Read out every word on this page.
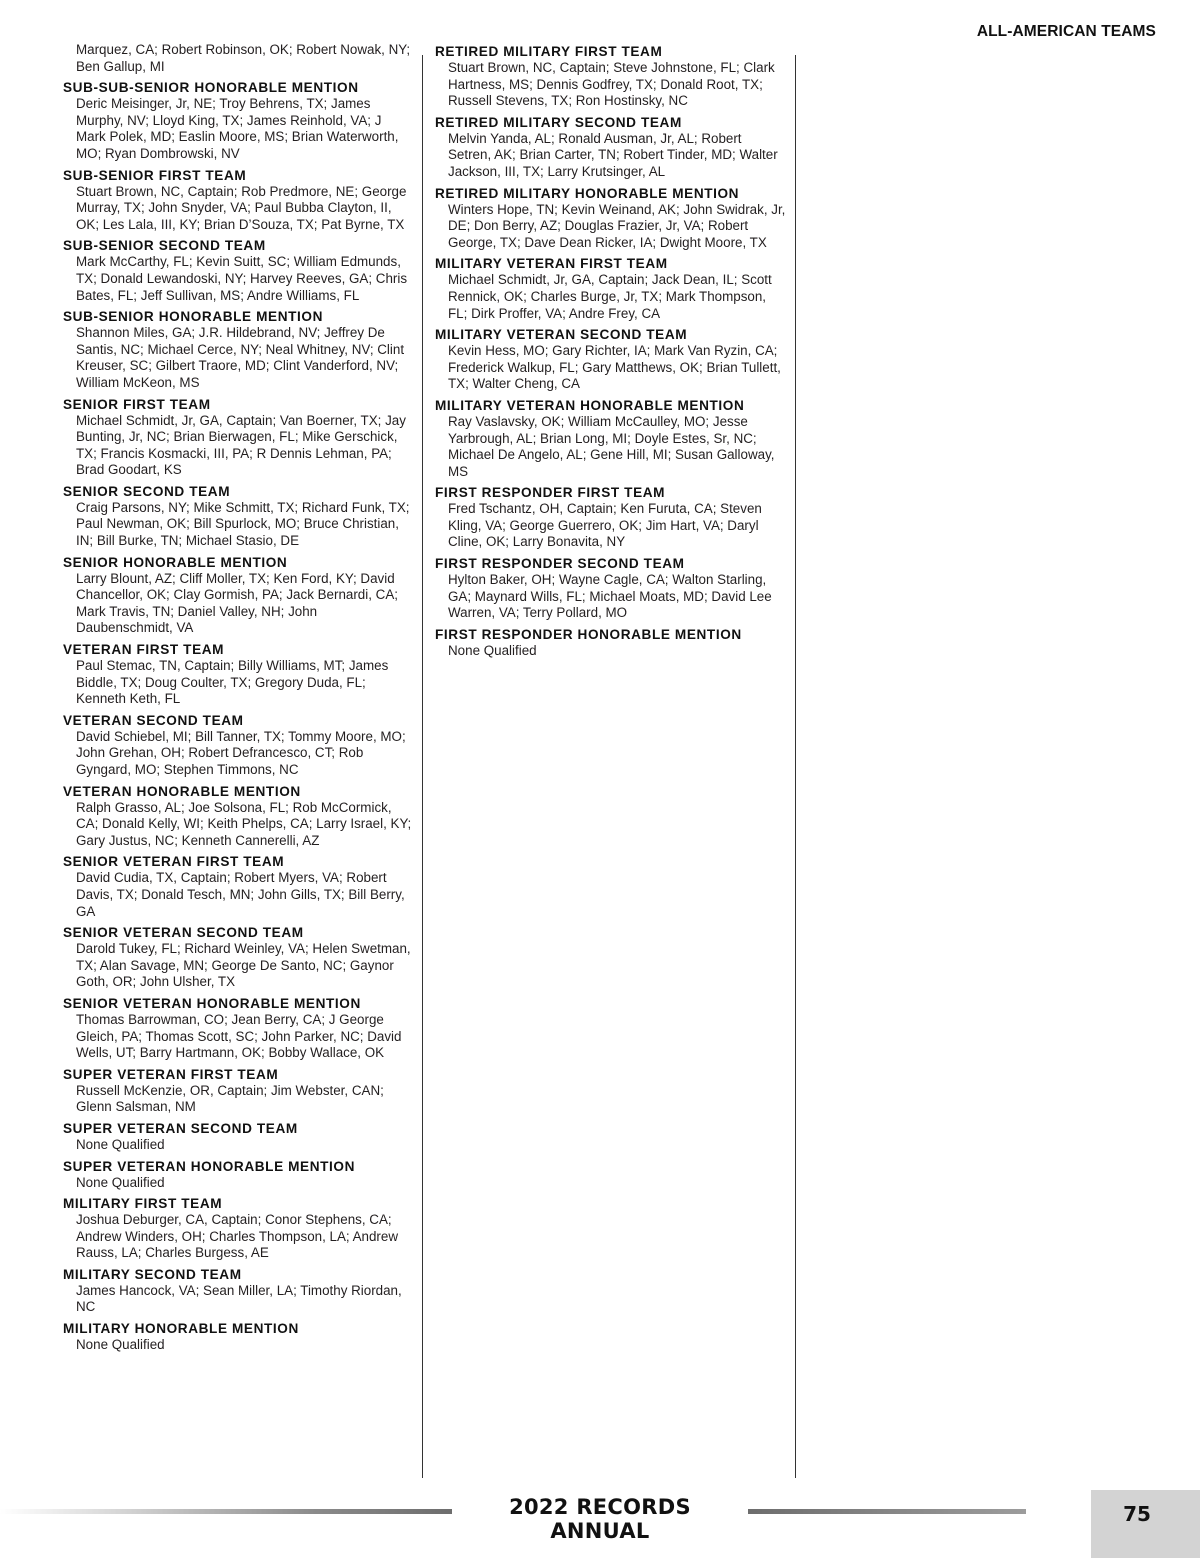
ALL-AMERICAN TEAMS
Marquez, CA; Robert Robinson, OK; Robert Nowak, NY; Ben Gallup, MI
SUB-SUB-SENIOR HONORABLE MENTION
Deric Meisinger, Jr, NE; Troy Behrens, TX; James Murphy, NV; Lloyd King, TX; James Reinhold, VA; J Mark Polek, MD; Easlin Moore, MS; Brian Waterworth, MO; Ryan Dombrowski, NV
SUB-SENIOR FIRST TEAM
Stuart Brown, NC, Captain; Rob Predmore, NE; George Murray, TX; John Snyder, VA; Paul Bubba Clayton, II, OK; Les Lala, III, KY; Brian D’Souza, TX; Pat Byrne, TX
SUB-SENIOR SECOND TEAM
Mark McCarthy, FL; Kevin Suitt, SC; William Edmunds, TX; Donald Lewandoski, NY; Harvey Reeves, GA; Chris Bates, FL; Jeff Sullivan, MS; Andre Williams, FL
SUB-SENIOR HONORABLE MENTION
Shannon Miles, GA; J.R. Hildebrand, NV; Jeffrey De Santis, NC; Michael Cerce, NY; Neal Whitney, NV; Clint Kreuser, SC; Gilbert Traore, MD; Clint Vanderford, NV; William McKeon, MS
SENIOR FIRST TEAM
Michael Schmidt, Jr, GA, Captain; Van Boerner, TX; Jay Bunting, Jr, NC; Brian Bierwagen, FL; Mike Gerschick, TX; Francis Kosmacki, III, PA; R Dennis Lehman, PA; Brad Goodart, KS
SENIOR SECOND TEAM
Craig Parsons, NY; Mike Schmitt, TX; Richard Funk, TX; Paul Newman, OK; Bill Spurlock, MO; Bruce Christian, IN; Bill Burke, TN; Michael Stasio, DE
SENIOR HONORABLE MENTION
Larry Blount, AZ; Cliff Moller, TX; Ken Ford, KY; David Chancellor, OK; Clay Gormish, PA; Jack Bernardi, CA; Mark Travis, TN; Daniel Valley, NH; John Daubenschmidt, VA
VETERAN FIRST TEAM
Paul Stemac, TN, Captain; Billy Williams, MT; James Biddle, TX; Doug Coulter, TX; Gregory Duda, FL; Kenneth Keth, FL
VETERAN SECOND TEAM
David Schiebel, MI; Bill Tanner, TX; Tommy Moore, MO; John Grehan, OH; Robert Defrancesco, CT; Rob Gyngard, MO; Stephen Timmons, NC
VETERAN HONORABLE MENTION
Ralph Grasso, AL; Joe Solsona, FL; Rob McCormick, CA; Donald Kelly, WI; Keith Phelps, CA; Larry Israel, KY; Gary Justus, NC; Kenneth Cannerelli, AZ
SENIOR VETERAN FIRST TEAM
David Cudia, TX, Captain; Robert Myers, VA; Robert Davis, TX; Donald Tesch, MN; John Gills, TX; Bill Berry, GA
SENIOR VETERAN SECOND TEAM
Darold Tukey, FL; Richard Weinley, VA; Helen Swetman, TX; Alan Savage, MN; George De Santo, NC; Gaynor Goth, OR; John Ulsher, TX
SENIOR VETERAN HONORABLE MENTION
Thomas Barrowman, CO; Jean Berry, CA; J George Gleich, PA; Thomas Scott, SC; John Parker, NC; David Wells, UT; Barry Hartmann, OK; Bobby Wallace, OK
SUPER VETERAN FIRST TEAM
Russell McKenzie, OR, Captain; Jim Webster, CAN; Glenn Salsman, NM
SUPER VETERAN SECOND TEAM
None Qualified
SUPER VETERAN HONORABLE MENTION
None Qualified
MILITARY FIRST TEAM
Joshua Deburger, CA, Captain; Conor Stephens, CA; Andrew Winders, OH; Charles Thompson, LA; Andrew Rauss, LA; Charles Burgess, AE
MILITARY SECOND TEAM
James Hancock, VA; Sean Miller, LA; Timothy Riordan, NC
MILITARY HONORABLE MENTION
None Qualified
RETIRED MILITARY FIRST TEAM
Stuart Brown, NC, Captain; Steve Johnstone, FL; Clark Hartness, MS; Dennis Godfrey, TX; Donald Root, TX; Russell Stevens, TX; Ron Hostinsky, NC
RETIRED MILITARY SECOND TEAM
Melvin Yanda, AL; Ronald Ausman, Jr, AL; Robert Setren, AK; Brian Carter, TN; Robert Tinder, MD; Walter Jackson, III, TX; Larry Krutsinger, AL
RETIRED MILITARY HONORABLE MENTION
Winters Hope, TN; Kevin Weinand, AK; John Swidrak, Jr, DE; Don Berry, AZ; Douglas Frazier, Jr, VA; Robert George, TX; Dave Dean Ricker, IA; Dwight Moore, TX
MILITARY VETERAN FIRST TEAM
Michael Schmidt, Jr, GA, Captain; Jack Dean, IL; Scott Rennick, OK; Charles Burge, Jr, TX; Mark Thompson, FL; Dirk Proffer, VA; Andre Frey, CA
MILITARY VETERAN SECOND TEAM
Kevin Hess, MO; Gary Richter, IA; Mark Van Ryzin, CA; Frederick Walkup, FL; Gary Matthews, OK; Brian Tullett, TX; Walter Cheng, CA
MILITARY VETERAN HONORABLE MENTION
Ray Vaslavsky, OK; William McCaulley, MO; Jesse Yarbrough, AL; Brian Long, MI; Doyle Estes, Sr, NC; Michael De Angelo, AL; Gene Hill, MI; Susan Galloway, MS
FIRST RESPONDER FIRST TEAM
Fred Tschantz, OH, Captain; Ken Furuta, CA; Steven Kling, VA; George Guerrero, OK; Jim Hart, VA; Daryl Cline, OK; Larry Bonavita, NY
FIRST RESPONDER SECOND TEAM
Hylton Baker, OH; Wayne Cagle, CA; Walton Starling, GA; Maynard Wills, FL; Michael Moats, MD; David Lee Warren, VA; Terry Pollard, MO
FIRST RESPONDER HONORABLE MENTION
None Qualified
2022 RECORDS ANNUAL
75
